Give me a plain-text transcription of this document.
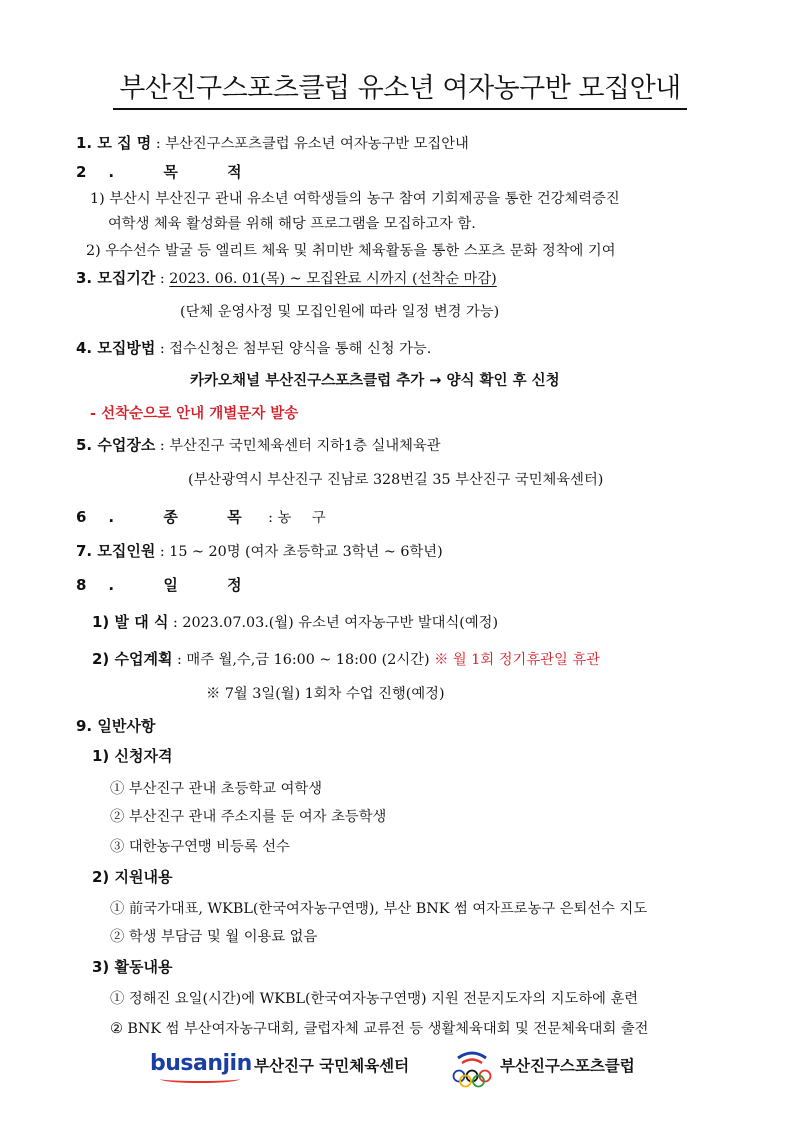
부산진구스포츠클럽 유소년 여자농구반 모집안내
1. 모 집 명 : 부산진구스포츠클럽 유소년 여자농구반 모집안내
2. 목 적
1) 부산시 부산진구 관내 유소년 여학생들의 농구 참여 기회제공을 통한 건강체력증진
여학생 체육 활성화를 위해 해당 프로그램을 모집하고자 함.
2) 우수선수 발굴 등 엘리트 체육 및 취미반 체육활동을 통한 스포츠 문화 정착에 기여
3. 모집기간 : 2023. 06. 01(목) ~ 모집완료 시까지 (선착순 마감)
(단체 운영사정 및 모집인원에 따라 일정 변경 가능)
4. 모집방법 : 접수신청은 첨부된 양식을 통해 신청 가능.
카카오채널 부산진구스포츠클럽 추가 → 양식 확인 후 신청
- 선착순으로 안내 개별문자 발송
5. 수업장소 : 부산진구 국민체육센터 지하1층 실내체육관
(부산광역시 부산진구 진남로 328번길 35 부산진구 국민체육센터)
6. 종 목 : 농 구
7. 모집인원 : 15 ~ 20명 (여자 초등학교 3학년 ~ 6학년)
8. 일 정
1) 발 대 식 : 2023.07.03.(월) 유소년 여자농구반 발대식(예정)
2) 수업계획 : 매주 월,수,금 16:00 ~ 18:00 (2시간) ※ 월 1회 정기휴관일 휴관
※ 7월 3일(월) 1회차 수업 진행(예정)
9. 일반사항
1) 신청자격
① 부산진구 관내 초등학교 여학생
② 부산진구 관내 주소지를 둔 여자 초등학생
③ 대한농구연맹 비등록 선수
2) 지원내용
① 前국가대표, WKBL(한국여자농구연맹), 부산 BNK 썸 여자프로농구 은퇴선수 지도
② 학생 부담금 및 월 이용료 없음
3) 활동내용
① 정해진 요일(시간)에 WKBL(한국여자농구연맹) 지원 전문지도자의 지도하에 훈련
② BNK 썸 부산여자농구대회, 클럽자체 교류전 등 생활체육대회 및 전문체육대회 출전
busanjin 부산진구 국민체육센터	부산진구스포츠클럽
